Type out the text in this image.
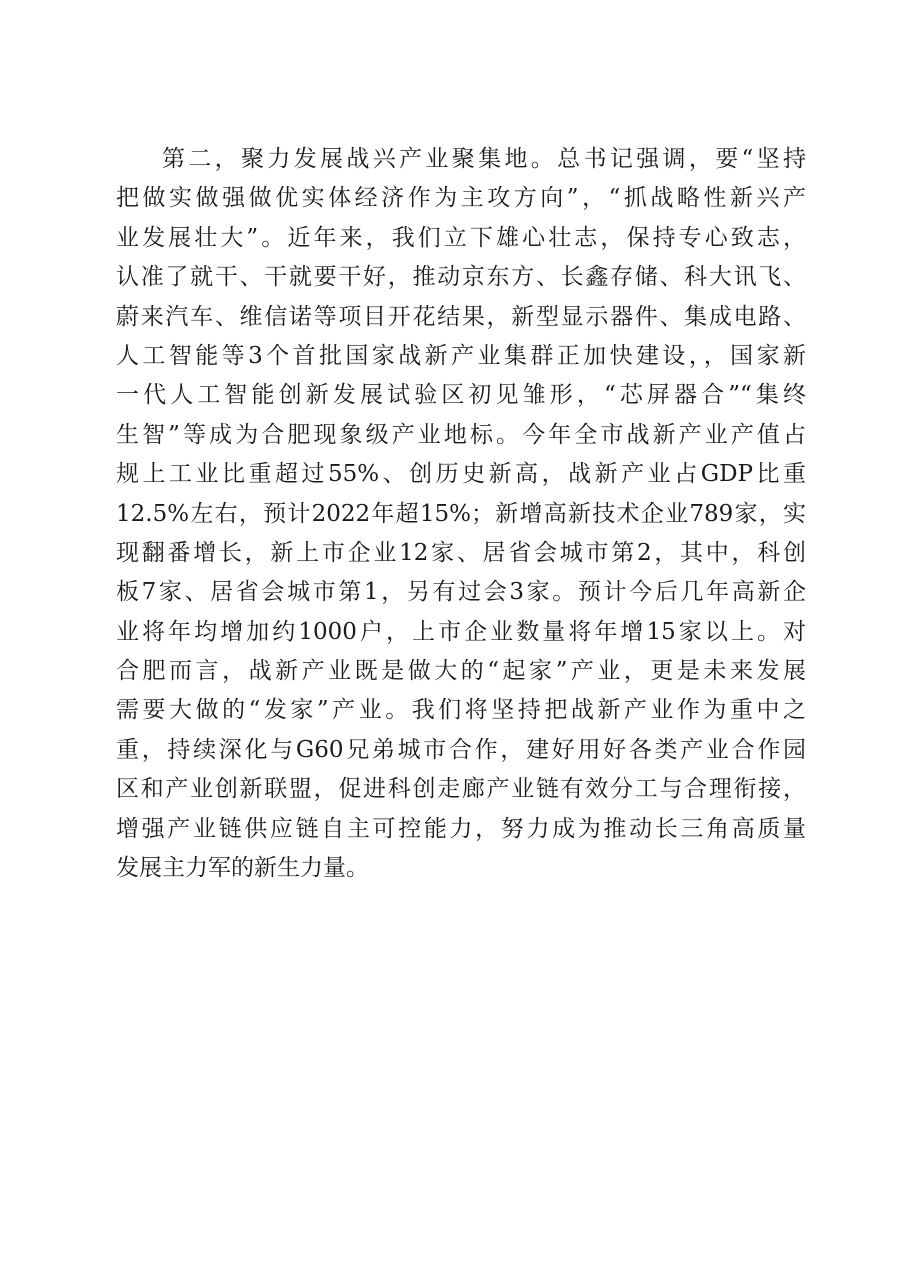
第二，聚力发展战兴产业聚集地。总书记强调，要“坚持
把做实做强做优实体经济作为主攻方向”，“抓战略性新兴产
业发展壮大”。近年来，我们立下雄心壮志，保持专心致志，
认准了就干、干就要干好，推动京东方、长鑫存储、科大讯飞、
蔚来汽车、维信诺等项目开花结果，新型显示器件、集成电路、
人工智能等3个首批国家战新产业集群正加快建设，，国家新
一代人工智能创新发展试验区初见雏形，“芯屏器合”“集终
生智”等成为合肥现象级产业地标。今年全市战新产业产值占
规上工业比重超过55%、创历史新高，战新产业占GDP比重
12.5%左右，预计2022年超15%；新增高新技术企业789家，实
现翻番增长，新上市企业12家、居省会城市第2，其中，科创
板7家、居省会城市第1，另有过会3家。预计今后几年高新企
业将年均增加约1000户，上市企业数量将年增15家以上。对
合肥而言，战新产业既是做大的“起家”产业，更是未来发展
需要大做的“发家”产业。我们将坚持把战新产业作为重中之
重，持续深化与G60兄弟城市合作，建好用好各类产业合作园
区和产业创新联盟，促进科创走廊产业链有效分工与合理衔接，
增强产业链供应链自主可控能力，努力成为推动长三角高质量
发展主力军的新生力量。
